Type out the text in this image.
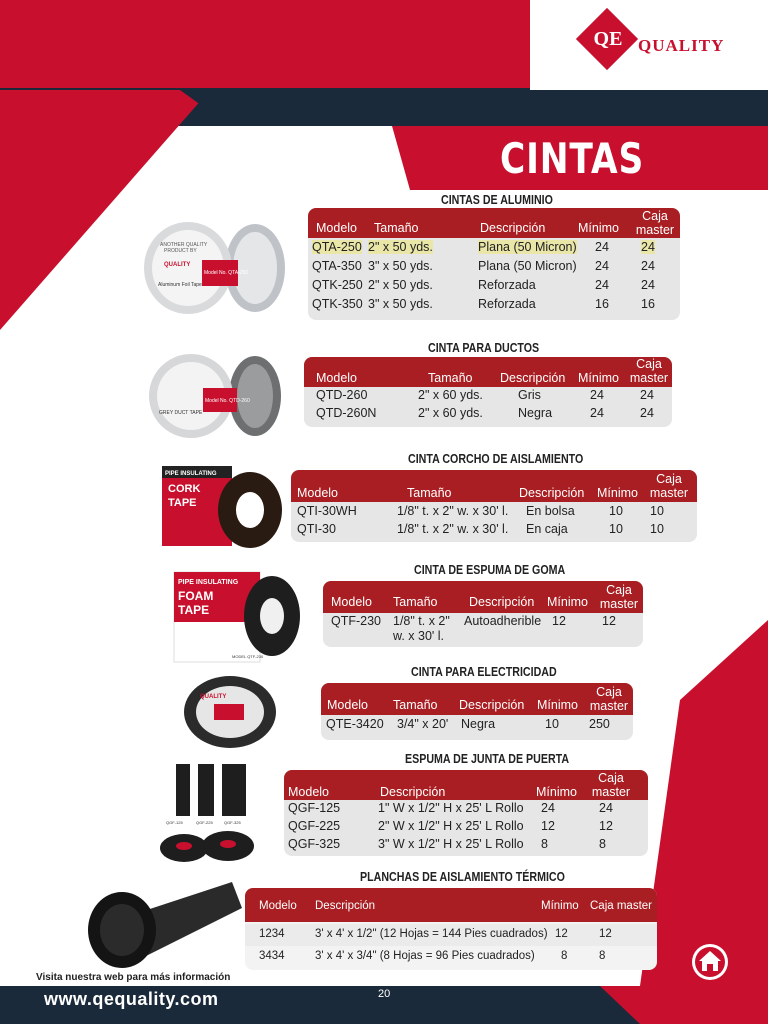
QE QUALITY
CINTAS
ANOTHER QUALITY
PRODUCT BY
QUALITY
Model No. QTA-250
Aluminum Foil Tape
GREY DUCT TAPE
Model No. QTD-260
PIPE INSULATING
CORK
TAPE
PIPE INSULATING
FOAM
TAPE
MODEL QTF-230
QUALITY
QGF-125	QGF-225	QGF-325
CINTAS DE ALUMINIO
CINTA PARA DUCTOS
CINTA CORCHO DE AISLAMIENTO
CINTA DE ESPUMA DE GOMA
CINTA PARA ELECTRICIDAD
ESPUMA DE JUNTA DE PUERTA
PLANCHAS DE AISLAMIENTO TÉRMICO
Modelo Tamaño	Descripción	Mínimo
Caja master
QTA-250 2" x 50 yds.	Plana (50 Micron) 24	24
QTA-350 3" x 50 yds.	Plana (50 Micron) 24	24
QTK-250 2" x 50 yds.	Reforzada	24	24
QTK-350 3" x 50 yds.	Reforzada	16	16
Modelo	Tamaño Descripción Mínimo
Caja master
QTD-260	2" x 60 yds.	Gris	24	24
QTD-260N	2" x 60 yds.	Negra	24	24
Modelo	Tamaño	Descripción Mínimo
Caja master
QTI-30WH	1/8" t. x 2" w. x 30' l. En bolsa	10 10
QTI-30	1/8" t. x 2" w. x 30' l. En caja	10 10
Modelo Tamaño	Descripción Mínimo
Caja master
QTF-230 1/8" t. x 2" Autoadherible 12	12
w. x 30' l.
Modelo Tamaño Descripción Mínimo
Caja master
QTE-3420 3/4" x 20' Negra	10 250
Modelo	Descripción	Mínimo
Caja master
QGF-125	1" W x 1/2" H x 25' L Rollo 24	24
QGF-225	2" W x 1/2" H x 25' L Rollo 12	12
QGF-325	3" W x 1/2" H x 25' L Rollo 8	8
Modelo Descripción	Mínimo Caja master
1234	3' x 4' x 1/2" (12 Hojas = 144 Pies cuadrados) 12	12
3434	3' x 4' x 3/4" (8 Hojas = 96 Pies cuadrados) 8	8
Visita nuestra web para más información
www.qequality.com	20
